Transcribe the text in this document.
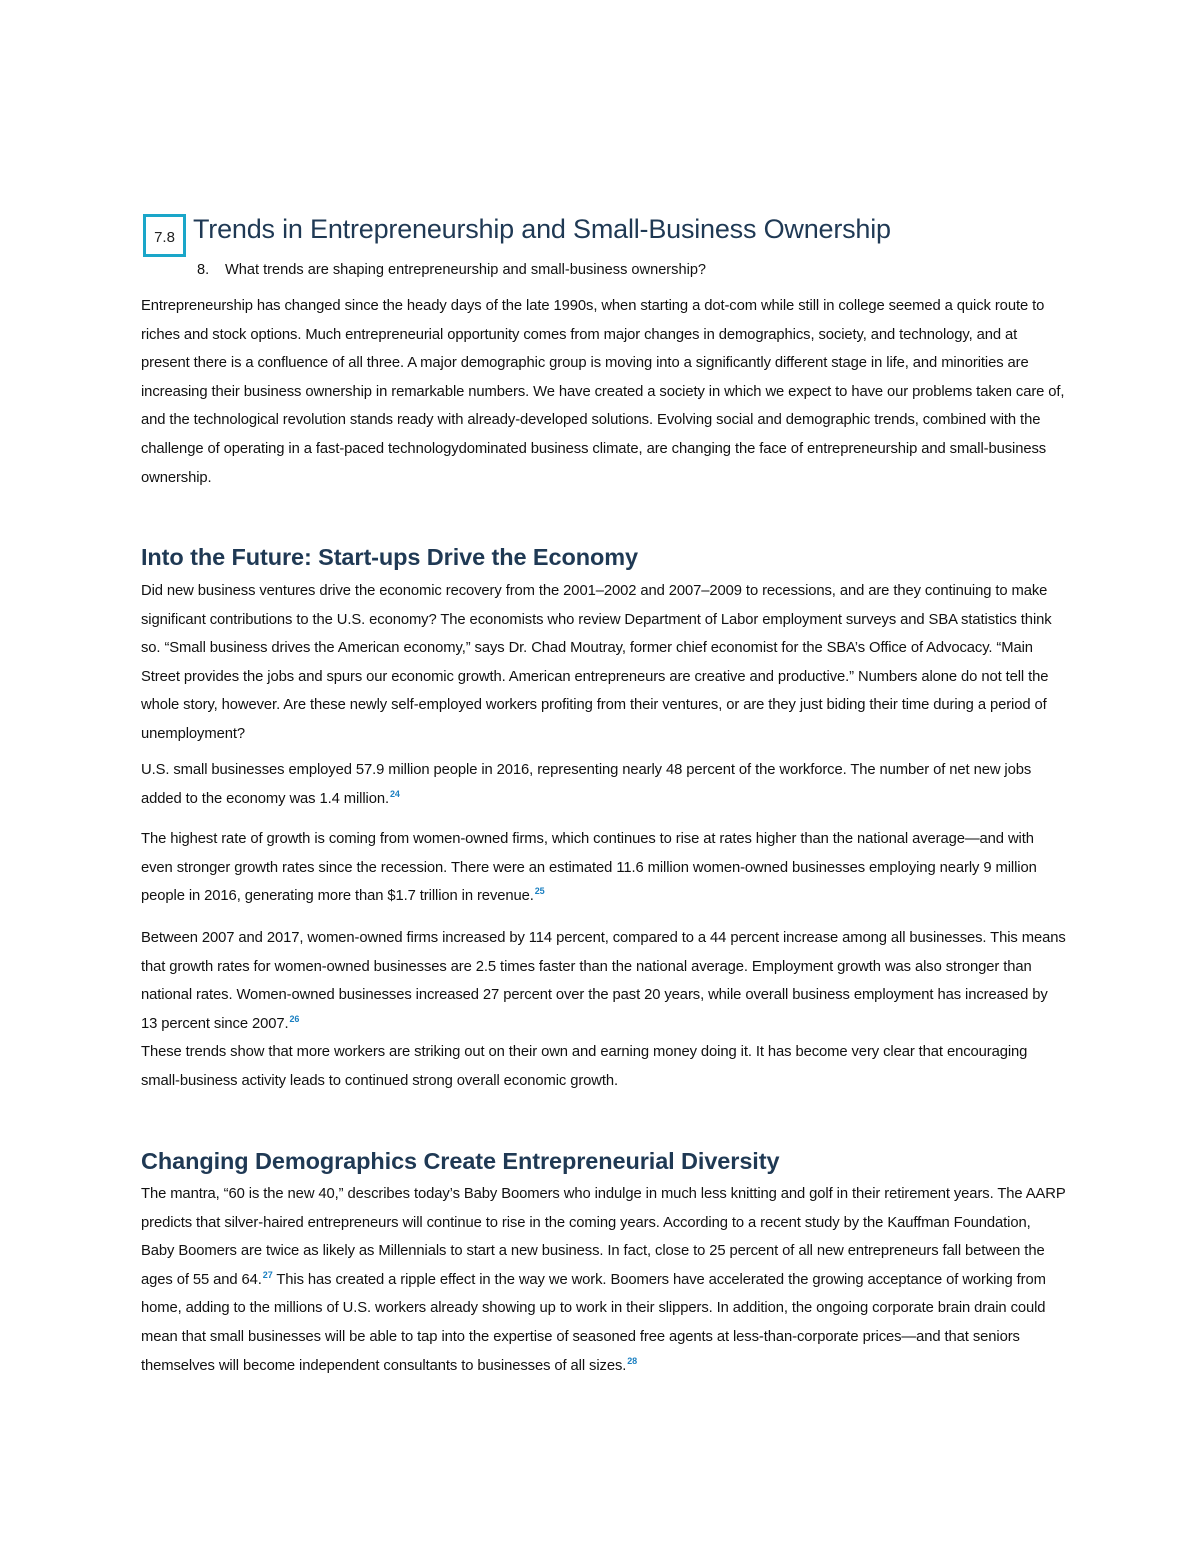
7.8 Trends in Entrepreneurship and Small-Business Ownership
8. What trends are shaping entrepreneurship and small-business ownership?

Entrepreneurship has changed since the heady days of the late 1990s, when starting a dot-com while still in college seemed a quick route to riches and stock options. Much entrepreneurial opportunity comes from major changes in demographics, society, and technology, and at present there is a confluence of all three. A major demographic group is moving into a significantly different stage in life, and minorities are increasing their business ownership in remarkable numbers. We have created a society in which we expect to have our problems taken care of, and the technological revolution stands ready with already-developed solutions. Evolving social and demographic trends, combined with the challenge of operating in a fast-paced technologydominated business climate, are changing the face of entrepreneurship and small-business ownership.

Into the Future: Start-ups Drive the Economy

Did new business ventures drive the economic recovery from the 2001–2002 and 2007–2009 to recessions, and are they continuing to make significant contributions to the U.S. economy? The economists who review Department of Labor employment surveys and SBA statistics think so. “Small business drives the American economy,” says Dr. Chad Moutray, former chief economist for the SBA’s Office of Advocacy. “Main Street provides the jobs and spurs our economic growth. American entrepreneurs are creative and productive.” Numbers alone do not tell the whole story, however. Are these newly self-employed workers profiting from their ventures, or are they just biding their time during a period of unemployment?

U.S. small businesses employed 57.9 million people in 2016, representing nearly 48 percent of the workforce. The number of net new jobs added to the economy was 1.4 million.$^{24}$

The highest rate of growth is coming from women-owned firms, which continues to rise at rates higher than the national average—and with even stronger growth rates since the recession. There were an estimated 11.6 million women-owned businesses employing nearly 9 million people in 2016, generating more than $1.7 trillion in revenue.$^{25}$

Between 2007 and 2017, women-owned firms increased by 114 percent, compared to a 44 percent increase among all businesses. This means that growth rates for women-owned businesses are 2.5 times faster than the national average. Employment growth was also stronger than national rates. Women-owned businesses increased 27 percent over the past 20 years, while overall business employment has increased by 13 percent since 2007.26

These trends show that more workers are striking out on their own and earning money doing it. It has become very clear that encouraging small-business activity leads to continued strong overall economic growth.

Changing Demographics Create Entrepreneurial Diversity

The mantra, “60 is the new 40,” describes today’s Baby Boomers who indulge in much less knitting and golf in their retirement years. The AARP predicts that silver-haired entrepreneurs will continue to rise in the coming years. According to a recent study by the Kauffman Foundation, Baby Boomers are twice as likely as Millennials to start a new business. In fact, close to 25 percent of all new entrepreneurs fall between the ages of 55 and 64.27 This has created a ripple effect in the way we work. Boomers have accelerated the growing acceptance of working from home, adding to the millions of U.S. workers already showing up to work in their slippers. In addition, the ongoing corporate brain drain could mean that small businesses will be able to tap into the expertise of seasoned free agents at less-than-corporate prices—and that seniors themselves will become independent consultants to businesses of all sizes.$^{28}$
